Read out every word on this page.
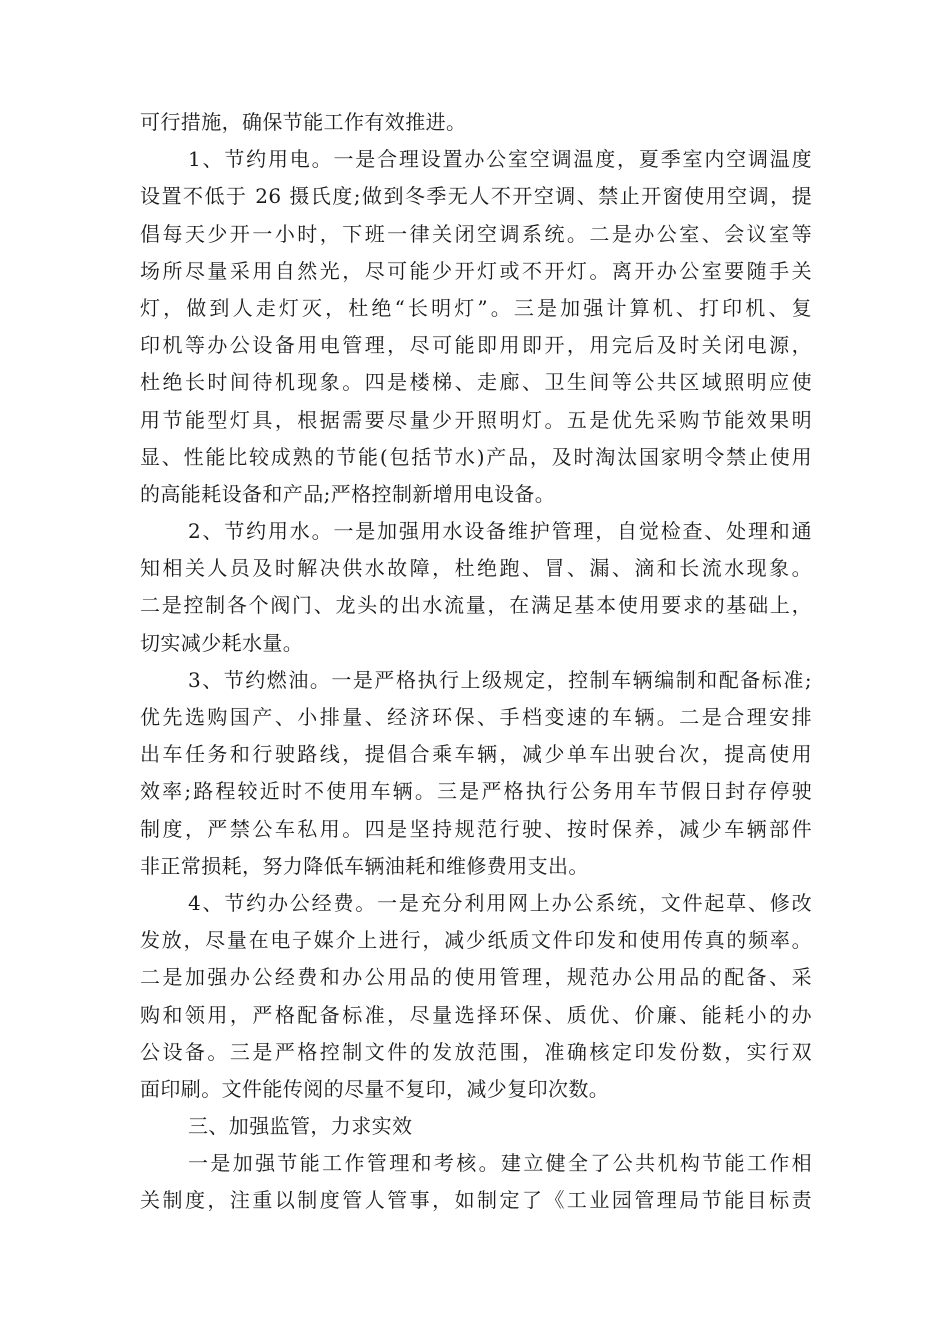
可行措施，确保节能工作有效推进。
1、节约用电。一是合理设置办公室空调温度，夏季室内空调温度
设置不低于 26 摄氏度;做到冬季无人不开空调、禁止开窗使用空调，提
倡每天少开一小时，下班一律关闭空调系统。二是办公室、会议室等
场所尽量采用自然光，尽可能少开灯或不开灯。离开办公室要随手关
灯，做到人走灯灭，杜绝“长明灯”。三是加强计算机、打印机、复
印机等办公设备用电管理，尽可能即用即开，用完后及时关闭电源，
杜绝长时间待机现象。四是楼梯、走廊、卫生间等公共区域照明应使
用节能型灯具，根据需要尽量少开照明灯。五是优先采购节能效果明
显、性能比较成熟的节能(包括节水)产品，及时淘汰国家明令禁止使用
的高能耗设备和产品;严格控制新增用电设备。
2、节约用水。一是加强用水设备维护管理，自觉检查、处理和通
知相关人员及时解决供水故障，杜绝跑、冒、漏、滴和长流水现象。
二是控制各个阀门、龙头的出水流量，在满足基本使用要求的基础上，
切实减少耗水量。
3、节约燃油。一是严格执行上级规定，控制车辆编制和配备标准;
优先选购国产、小排量、经济环保、手档变速的车辆。二是合理安排
出车任务和行驶路线，提倡合乘车辆，减少单车出驶台次，提高使用
效率;路程较近时不使用车辆。三是严格执行公务用车节假日封存停驶
制度，严禁公车私用。四是坚持规范行驶、按时保养，减少车辆部件
非正常损耗，努力降低车辆油耗和维修费用支出。
4、节约办公经费。一是充分利用网上办公系统，文件起草、修改
发放，尽量在电子媒介上进行，减少纸质文件印发和使用传真的频率。
二是加强办公经费和办公用品的使用管理，规范办公用品的配备、采
购和领用，严格配备标准，尽量选择环保、质优、价廉、能耗小的办
公设备。三是严格控制文件的发放范围，准确核定印发份数，实行双
面印刷。文件能传阅的尽量不复印，减少复印次数。
三、加强监管，力求实效
一是加强节能工作管理和考核。建立健全了公共机构节能工作相
关制度，注重以制度管人管事，如制定了《工业园管理局节能目标责
